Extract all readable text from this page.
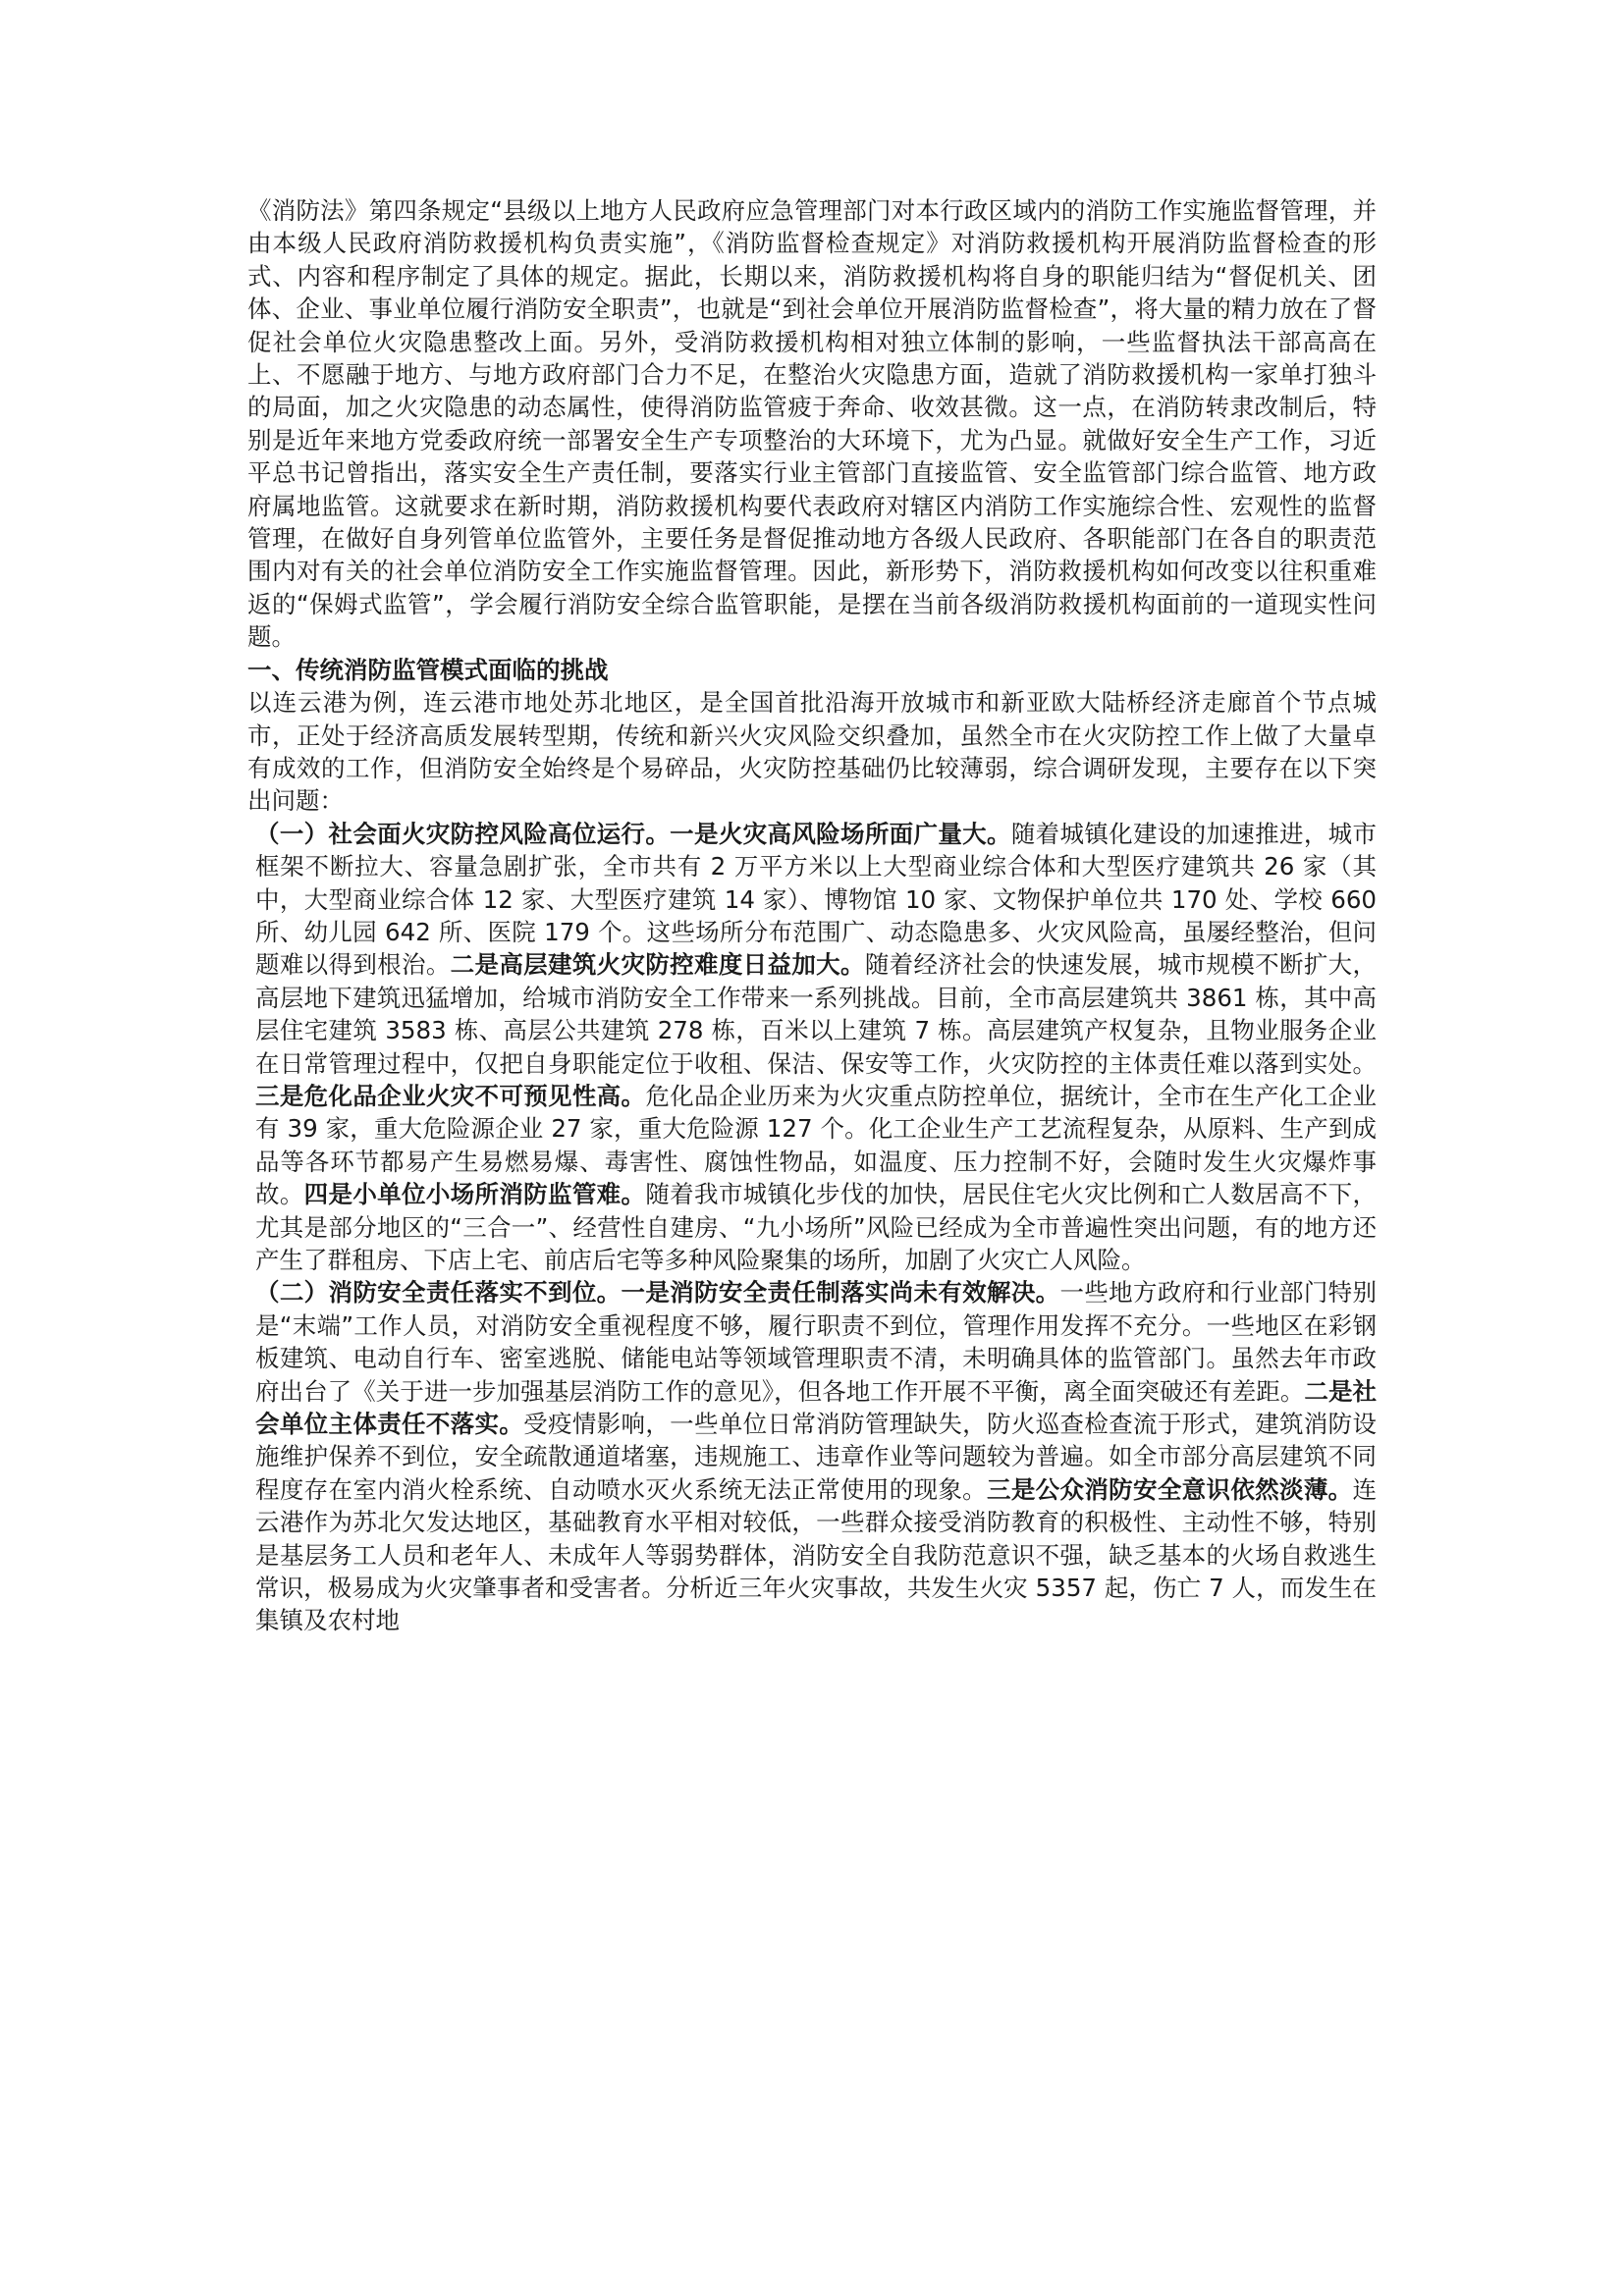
《消防法》第四条规定“县级以上地方人民政府应急管理部门对本行政区域内的消防工作实施监督管理，并由本级人民政府消防救援机构负责实施”，《消防监督检查规定》对消防救援机构开展消防监督检查的形式、内容和程序制定了具体的规定。据此，长期以来，消防救援机构将自身的职能归结为“督促机关、团体、企业、事业单位履行消防安全职责”，也就是“到社会单位开展消防监督检查”，将大量的精力放在了督促社会单位火灾隐患整改上面。另外，受消防救援机构相对独立体制的影响，一些监督执法干部高高在上、不愿融于地方、与地方政府部门合力不足，在整治火灾隐患方面，造就了消防救援机构一家单打独斗的局面，加之火灾隐患的动态属性，使得消防监管疲于奔命、收效甚微。这一点，在消防转隶改制后，特别是近年来地方党委政府统一部署安全生产专项整治的大环境下，尤为凸显。就做好安全生产工作，习近平总书记曾指出，落实安全生产责任制，要落实行业主管部门直接监管、安全监管部门综合监管、地方政府属地监管。这就要求在新时期，消防救援机构要代表政府对辖区内消防工作实施综合性、宏观性的监督管理，在做好自身列管单位监管外，主要任务是督促推动地方各级人民政府、各职能部门在各自的职责范围内对有关的社会单位消防安全工作实施监督管理。因此，新形势下，消防救援机构如何改变以往积重难返的“保姆式监管”，学会履行消防安全综合监管职能，是摆在当前各级消防救援机构面前的一道现实性问题。

一、传统消防监管模式面临的挑战

以连云港为例，连云港市地处苏北地区，是全国首批沿海开放城市和新亚欧大陆桥经济走廊首个节点城市，正处于经济高质发展转型期，传统和新兴火灾风险交织叠加，虽然全市在火灾防控工作上做了大量卓有成效的工作，但消防安全始终是个易碎品，火灾防控基础仍比较薄弱，综合调研发现，主要存在以下突出问题：

（一）社会面火灾防控风险高位运行。一是火灾高风险场所面广量大。随着城镇化建设的加速推进，城市框架不断拉大、容量急剧扩张，全市共有 2 万平方米以上大型商业综合体和大型医疗建筑共 26 家（其中，大型商业综合体 12 家、大型医疗建筑 14 家）、博物馆 10 家、文物保护单位共 170 处、学校 660 所、幼儿园 642 所、医院 179 个。这些场所分布范围广、动态隐患多、火灾风险高，虽屡经整治，但问题难以得到根治。二是高层建筑火灾防控难度日益加大。随着经济社会的快速发展，城市规模不断扩大，高层地下建筑迅猛增加，给城市消防安全工作带来一系列挑战。目前，全市高层建筑共 3861 栋，其中高层住宅建筑 3583 栋、高层公共建筑 278 栋，百米以上建筑 7 栋。高层建筑产权复杂，且物业服务企业在日常管理过程中，仅把自身职能定位于收租、保洁、保安等工作，火灾防控的主体责任难以落到实处。三是危化品企业火灾不可预见性高。危化品企业历来为火灾重点防控单位，据统计，全市在生产化工企业有 39 家，重大危险源企业 27 家，重大危险源 127 个。化工企业生产工艺流程复杂，从原料、生产到成品等各环节都易产生易燃易爆、毒害性、腐蚀性物品，如温度、压力控制不好，会随时发生火灾爆炸事故。四是小单位小场所消防监管难。随着我市城镇化步伐的加快，居民住宅火灾比例和亡人数居高不下，尤其是部分地区的“三合一”、经营性自建房、“九小场所”风险已经成为全市普遍性突出问题，有的地方还产生了群租房、下店上宅、前店后宅等多种风险聚集的场所，加剧了火灾亡人风险。

（二）消防安全责任落实不到位。一是消防安全责任制落实尚未有效解决。一些地方政府和行业部门特别是“末端”工作人员，对消防安全重视程度不够，履行职责不到位，管理作用发挥不充分。一些地区在彩钢板建筑、电动自行车、密室逃脱、储能电站等领域管理职责不清，未明确具体的监管部门。虽然去年市政府出台了《关于进一步加强基层消防工作的意见》，但各地工作开展不平衡，离全面突破还有差距。二是社会单位主体责任不落实。受疫情影响，一些单位日常消防管理缺失，防火巡查检查流于形式，建筑消防设施维护保养不到位，安全疏散通道堵塞，违规施工、违章作业等问题较为普遍。如全市部分高层建筑不同程度存在室内消火栓系统、自动喷水灭火系统无法正常使用的现象。三是公众消防安全意识依然淡薄。连云港作为苏北欠发达地区，基础教育水平相对较低，一些群众接受消防教育的积极性、主动性不够，特别是基层务工人员和老年人、未成年人等弱势群体，消防安全自我防范意识不强，缺乏基本的火场自救逃生常识，极易成为火灾肇事者和受害者。分析近三年火灾事故，共发生火灾 5357 起，伤亡 7 人，而发生在集镇及农村地
